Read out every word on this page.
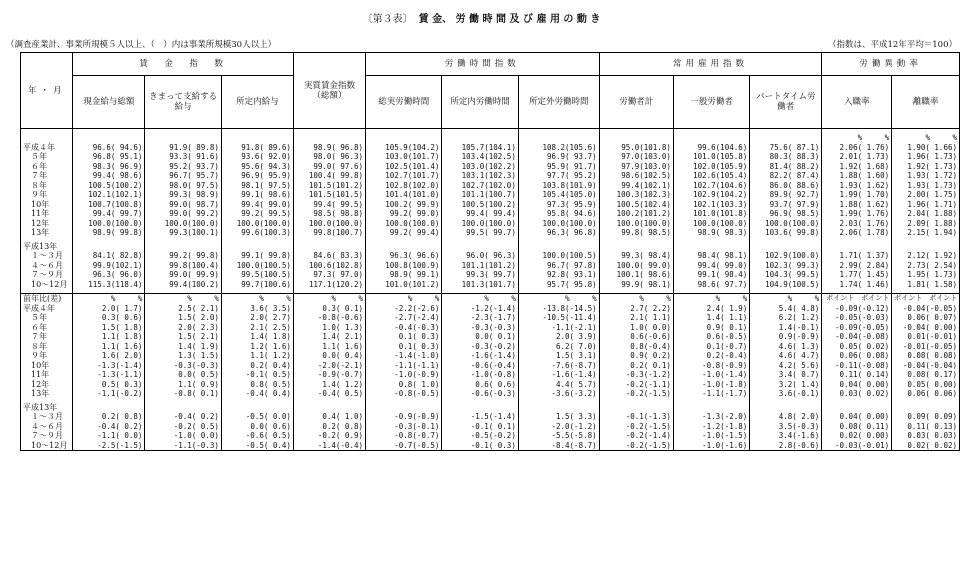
〔第３表〕 賃 金、 労 働 時 間 及 び 雇 用 の 動 き
（調査産業計、事業所規模５人以上、（　）内は事業所規模30人以上）	（指数は、平成12年平均＝100）
年・月	賃　金　指　数			実質賃金指数（総額）	労働時間指数			常用雇用指数			労働異動率	
	現金給与総額	きまって支給する給与	所定内給与		総実労働時間	所定内労働時間	所定外労働時間	労働者計	一般労働者	パートタイム労働者	入職率	離職率

											%　　　%	%　　　%
平成４年	96.6( 94.6)	91.9( 89.8)	91.8( 89.6)	98.9( 96.8)	105.9(104.2)	105.7(104.1)	108.2(105.6)	95.0(101.8)	99.6(104.6)	75.6( 87.1)	2.06( 1.76)	1.90( 1.66)
５年	96.8( 95.1)	93.3( 91.6)	93.6( 92.0)	98.0( 96.3)	103.0(101.7)	103.4(102.5)	96.9( 93.7)	97.0(103.0)	101.0(105.8)	80.3( 88.3)	2.01( 1.73)	1.96( 1.73)
６年	98.3( 96.9)	95.2( 93.7)	95.6( 94.3)	99.0( 97.6)	102.5(101.4)	103.0(102.2)	95.9( 91.7)	97.9(103.0)	102.0(105.9)	81.4( 88.2)	1.92( 1.68)	1.92( 1.73)
７年	99.4( 98.6)	96.7( 95.7)	96.9( 95.9)	100.4( 99.8)	102.7(101.7)	103.1(102.3)	97.7( 95.2)	98.6(102.5)	102.6(105.4)	82.2( 87.4)	1.88( 1.60)	1.93( 1.72)
８年	100.5(100.2)	98.0( 97.5)	98.1( 97.5)	101.5(101.2)	102.8(102.0)	102.7(102.0)	103.8(101.9)	99.4(102.1)	102.7(104.6)	86.0( 88.6)	1.93( 1.62)	1.93( 1.73)
９年	102.1(102.1)	99.3( 98.9)	99.1( 98.6)	101.5(101.5)	101.4(101.0)	101.1(100.7)	105.4(105.0)	100.3(102.3)	102.9(104.2)	89.9( 92.7)	1.99( 1.70)	2.00( 1.75)
10年	100.7(100.8)	99.0( 98.7)	99.4( 99.0)	99.4( 99.5)	100.2( 99.9)	100.5(100.2)	97.3( 95.9)	100.5(102.4)	102.1(103.3)	93.7( 97.9)	1.88( 1.62)	1.96( 1.71)
11年	99.4( 99.7)	99.0( 99.2)	99.2( 99.5)	98.5( 98.8)	99.2( 99.0)	99.4( 99.4)	95.8( 94.6)	100.2(101.2)	101.0(101.8)	96.9( 98.5)	1.99( 1.76)	2.04( 1.88)
12年	100.0(100.0)	100.0(100.0)	100.0(100.0)	100.0(100.0)	100.0(100.0)	100.0(100.0)	100.0(100.0)	100.0(100.0)	100.0(100.0)	100.0(100.0)	2.03( 1.76)	2.09( 1.88)
13年	98.9( 99.8)	99.3(100.1)	99.6(100.3)	99.8(100.7)	99.2( 99.4)	99.5( 99.7)	96.3( 96.8)	99.8( 98.5)	98.9( 98.3)	103.6( 99.8)	2.06( 1.78)	2.15( 1.94)

平成13年												
１～３月	84.1( 82.8)	99.2( 99.8)	99.1( 99.8)	84.6( 83.3)	96.3( 96.6)	96.0( 96.3)	100.0(100.5)	99.3( 98.4)	98.4( 98.1)	102.9(100.0)	1.71( 1.37)	2.12( 1.92)
４～６月	99.9(102.1)	99.8(100.4)	100.0(100.5)	100.6(102.8)	100.8(100.9)	101.1(101.2)	96.7( 97.8)	100.0( 99.0)	99.4( 99.0)	102.3( 99.3)	2.99( 2.84)	2.73( 2.54)
７～９月	96.3( 96.0)	99.0( 99.9)	99.5(100.5)	97.3( 97.0)	98.9( 99.1)	99.3( 99.7)	92.8( 93.1)	100.1( 98.6)	99.1( 98.4)	104.3( 99.5)	1.77( 1.45)	1.95( 1.73)
10～12月	115.3(118.4)	99.4(100.2)	99.7(100.6)	117.1(120.2)	101.0(101.2)	101.3(101.7)	95.7( 95.8)	99.9( 98.1)	98.6( 97.7)	104.9(100.5)	1.74( 1.46)	1.81( 1.58)

前年比(差)	%　　　%	%　　　%	%　　　%	%　　　%	%　　　%	%　　　%	%　　　%	%　　　%	%　　　%	%　　　%	ポイント　ポイント	ポイント　ポイント
平成４年	2.0( 1.7)	2.5( 2.1)	3.6( 3.5)	0.3( 0.1)	-2.2(-2.6)	-1.2(-1.4)	-13.8(-14.5)	2.7( 2.2)	2.4( 1.9)	5.4( 4.8)	-0.09(-0.12)	-0.04(-0.05)
５年	0.3( 0.6)	1.5( 2.0)	2.0( 2.7)	-0.8(-0.6)	-2.7(-2.4)	-2.3(-1.7)	-10.5(-11.4)	2.1( 1.1)	1.4( 1.1)	6.2( 1.2)	-0.05(-0.03)	0.06( 0.07)
６年	1.5( 1.8)	2.0( 2.3)	2.1( 2.5)	1.0( 1.3)	-0.4(-0.3)	-0.3(-0.3)	-1.1(-2.1)	1.0( 0.0)	0.9( 0.1)	1.4(-0.1)	-0.09(-0.05)	-0.04( 0.00)
７年	1.1( 1.8)	1.5( 2.1)	1.4( 1.8)	1.4( 2.1)	0.1( 0.3)	0.0( 0.1)	2.0( 3.9)	0.6(-0.6)	0.6(-0.5)	0.9(-0.9)	-0.04(-0.08)	0.01(-0.01)
８年	1.1( 1.6)	1.4( 1.9)	1.2( 1.6)	1.1( 1.6)	0.1( 0.3)	-0.3(-0.2)	6.2( 7.0)	0.8(-0.4)	0.1(-0.7)	4.6( 1.3)	0.05( 0.02)	-0.01(-0.05)
９年	1.6( 2.0)	1.3( 1.5)	1.1( 1.2)	0.0( 0.4)	-1.4(-1.0)	-1.6(-1.4)	1.5( 3.1)	0.9( 0.2)	0.2(-0.4)	4.6( 4.7)	0.06( 0.08)	0.08( 0.08)
10年	-1.3(-1.4)	-0.3(-0.3)	0.2( 0.4)	-2.0(-2.1)	-1.1(-1.1)	-0.6(-0.4)	-7.6(-8.7)	0.2( 0.1)	-0.8(-0.9)	4.2( 5.6)	-0.11(-0.08)	-0.04(-0.04)
11年	-1.3(-1.1)	0.0( 0.5)	-0.1( 0.5)	-0.9(-0.7)	-1.0(-0.9)	-1.0(-0.8)	-1.6(-1.4)	-0.3(-1.2)	-1.0(-1.4)	3.4( 0.7)	0.11( 0.14)	0.08( 0.17)
12年	0.5( 0.3)	1.1( 0.9)	0.8( 0.5)	1.4( 1.2)	0.8( 1.0)	0.6( 0.6)	4.4( 5.7)	-0.2(-1.1)	-1.0(-1.8)	3.2( 1.4)	0.04( 0.00)	0.05( 0.00)
13年	-1.1(-0.2)	-0.8( 0.1)	-0.4( 0.4)	-0.4( 0.5)	-0.8(-0.5)	-0.6(-0.3)	-3.6(-3.2)	-0.2(-1.5)	-1.1(-1.7)	3.6(-0.1)	0.03( 0.02)	0.06( 0.06)

平成13年												
１～３月	0.2( 0.8)	-0.4( 0.2)	-0.5( 0.0)	0.4( 1.0)	-0.9(-0.9)	-1.5(-1.4)	1.5( 3.3)	-0.1(-1.3)	-1.3(-2.0)	4.8( 2.0)	0.04( 0.00)	0.09( 0.09)
４～６月	-0.4( 0.2)	-0.2( 0.5)	0.0( 0.6)	0.2( 0.8)	-0.3(-0.1)	-0.1( 0.1)	-2.0(-1.2)	-0.2(-1.5)	-1.2(-1.8)	3.5(-0.3)	0.08( 0.11)	0.11( 0.13)
７～９月	-1.1( 0.0)	-1.0( 0.0)	-0.6( 0.5)	-0.2( 0.9)	-0.8(-0.7)	-0.5(-0.2)	-5.5(-5.8)	-0.2(-1.4)	-1.0(-1.5)	3.4(-1.6)	0.02( 0.00)	0.03( 0.03)
10～12月	-2.5(-1.5)	-1.1(-0.3)	-0.5( 0.4)	-1.4(-0.4)	-0.7(-0.5)	-0.1( 0.3)	-8.4(-8.7)	-0.2(-1.5)	-1.0(-1.6)	2.8(-0.6)	-0.03(-0.01)	0.02( 0.02)
